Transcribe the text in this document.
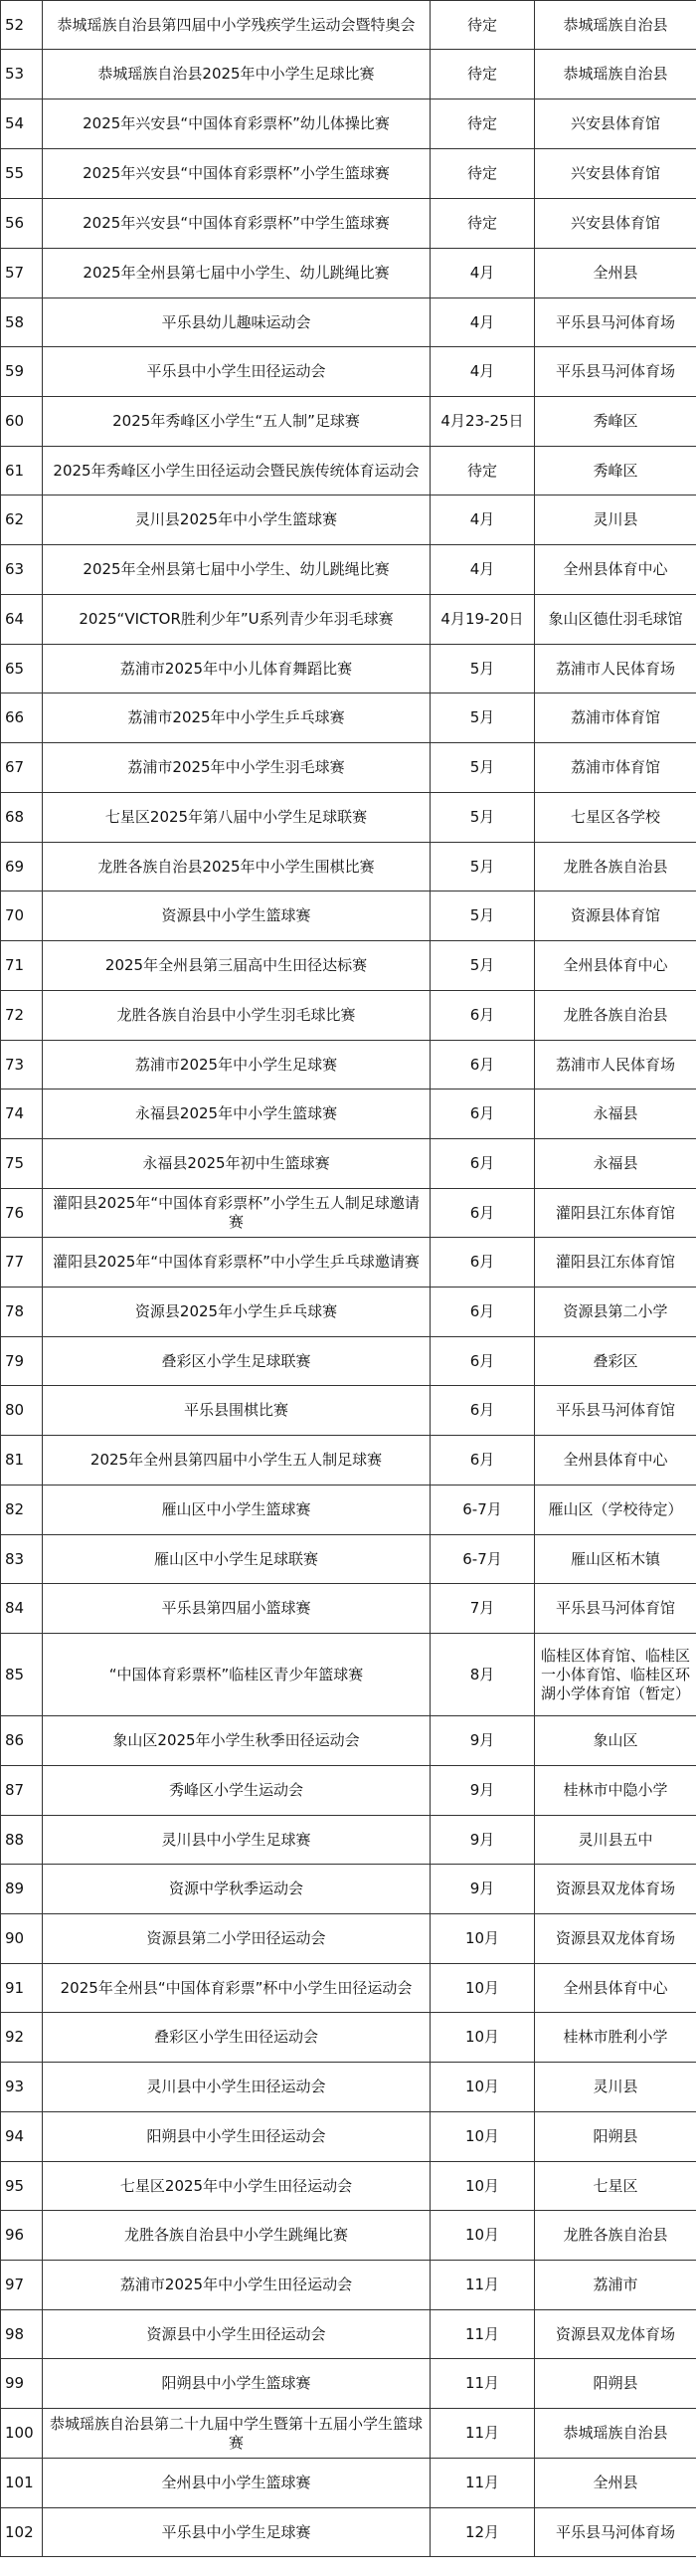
52	恭城瑶族自治县第四届中小学残疾学生运动会暨特奥会	待定	恭城瑶族自治县
53	恭城瑶族自治县2025年中小学生足球比赛	待定	恭城瑶族自治县
54	2025年兴安县“中国体育彩票杯”幼儿体操比赛	待定	兴安县体育馆
55	2025年兴安县“中国体育彩票杯”小学生篮球赛	待定	兴安县体育馆
56	2025年兴安县“中国体育彩票杯”中学生篮球赛	待定	兴安县体育馆
57	2025年全州县第七届中小学生、幼儿跳绳比赛	4月	全州县
58	平乐县幼儿趣味运动会	4月	平乐县马河体育场
59	平乐县中小学生田径运动会	4月	平乐县马河体育场
60	2025年秀峰区小学生“五人制”足球赛	4月23-25日	秀峰区
61	2025年秀峰区小学生田径运动会暨民族传统体育运动会	待定	秀峰区
62	灵川县2025年中小学生篮球赛	4月	灵川县
63	2025年全州县第七届中小学生、幼儿跳绳比赛	4月	全州县体育中心
64	2025“VICTOR胜利少年”U系列青少年羽毛球赛	4月19-20日	象山区德仕羽毛球馆
65	荔浦市2025年中小儿体育舞蹈比赛	5月	荔浦市人民体育场
66	荔浦市2025年中小学生乒乓球赛	5月	荔浦市体育馆
67	荔浦市2025年中小学生羽毛球赛	5月	荔浦市体育馆
68	七星区2025年第八届中小学生足球联赛	5月	七星区各学校
69	龙胜各族自治县2025年中小学生围棋比赛	5月	龙胜各族自治县
70	资源县中小学生篮球赛	5月	资源县体育馆
71	2025年全州县第三届高中生田径达标赛	5月	全州县体育中心
72	龙胜各族自治县中小学生羽毛球比赛	6月	龙胜各族自治县
73	荔浦市2025年中小学生足球赛	6月	荔浦市人民体育场
74	永福县2025年中小学生篮球赛	6月	永福县
75	永福县2025年初中生篮球赛	6月	永福县
76	灌阳县2025年“中国体育彩票杯”小学生五人制足球邀请赛	6月	灌阳县江东体育馆
77	灌阳县2025年“中国体育彩票杯”中小学生乒乓球邀请赛	6月	灌阳县江东体育馆
78	资源县2025年小学生乒乓球赛	6月	资源县第二小学
79	叠彩区小学生足球联赛	6月	叠彩区
80	平乐县围棋比赛	6月	平乐县马河体育馆
81	2025年全州县第四届中小学生五人制足球赛	6月	全州县体育中心
82	雁山区中小学生篮球赛	6-7月	雁山区（学校待定）
83	雁山区中小学生足球联赛	6-7月	雁山区柘木镇
84	平乐县第四届小篮球赛	7月	平乐县马河体育馆
85	“中国体育彩票杯”临桂区青少年篮球赛	8月	临桂区体育馆、临桂区一小体育馆、临桂区环湖小学体育馆（暂定）
86	象山区2025年小学生秋季田径运动会	9月	象山区
87	秀峰区小学生运动会	9月	桂林市中隐小学
88	灵川县中小学生足球赛	9月	灵川县五中
89	资源中学秋季运动会	9月	资源县双龙体育场
90	资源县第二小学田径运动会	10月	资源县双龙体育场
91	2025年全州县“中国体育彩票”杯中小学生田径运动会	10月	全州县体育中心
92	叠彩区小学生田径运动会	10月	桂林市胜利小学
93	灵川县中小学生田径运动会	10月	灵川县
94	阳朔县中小学生田径运动会	10月	阳朔县
95	七星区2025年中小学生田径运动会	10月	七星区
96	龙胜各族自治县中小学生跳绳比赛	10月	龙胜各族自治县
97	荔浦市2025年中小学生田径运动会	11月	荔浦市
98	资源县中小学生田径运动会	11月	资源县双龙体育场
99	阳朔县中小学生篮球赛	11月	阳朔县
100	恭城瑶族自治县第二十九届中学生暨第十五届小学生篮球赛	11月	恭城瑶族自治县
101	全州县中小学生篮球赛	11月	全州县
102	平乐县中小学生足球赛	12月	平乐县马河体育场
